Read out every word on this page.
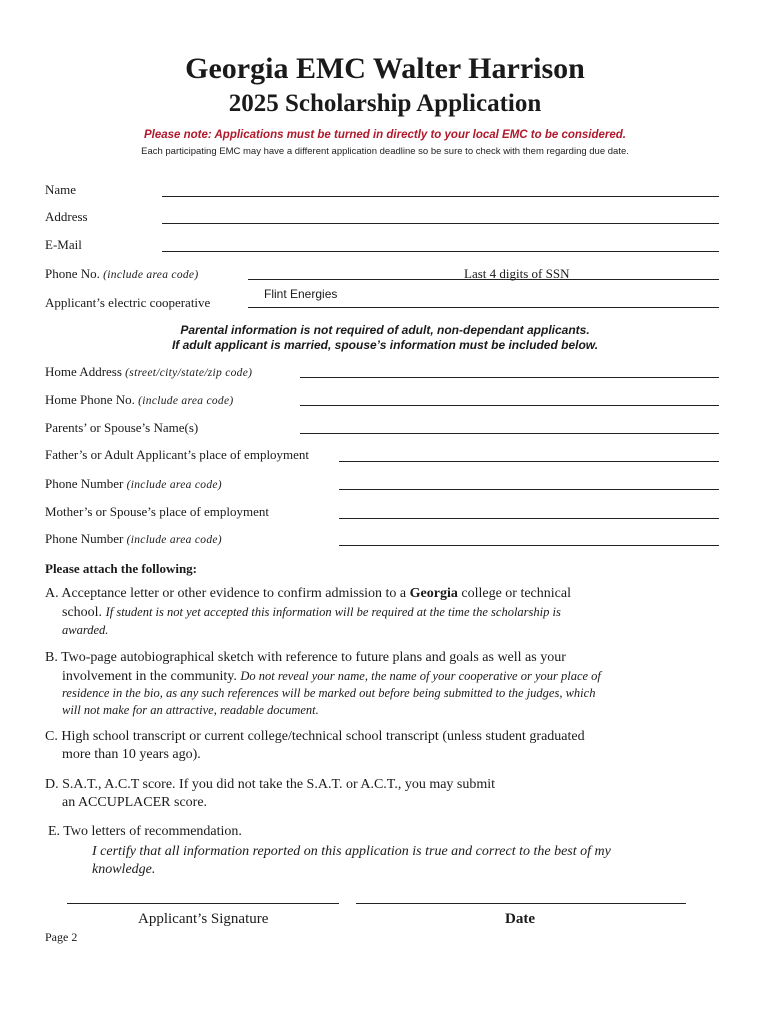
Georgia EMC Walter Harrison
2025 Scholarship Application
Please note: Applications must be turned in directly to your local EMC to be considered.
Each participating EMC may have a different application deadline so be sure to check with them regarding due date.
Name
Address
E-Mail
Phone No. (include area code)	Last 4 digits of SSN
Applicant’s electric cooperative
Flint Energies
Parental information is not required of adult, non-dependant applicants.
If adult applicant is married, spouse’s information must be included below.
Home Address (street/city/state/zip code)
Home Phone No. (include area code)
Parents’ or Spouse’s Name(s)
Father’s or Adult Applicant’s place of employment
Phone Number (include area code)
Mother’s or Spouse’s place of employment
Phone Number (include area code)
Please attach the following:
A. Acceptance letter or other evidence to confirm admission to a Georgia college or technical
school. If student is not yet accepted this information will be required at the time the scholarship is
awarded.
B. Two-page autobiographical sketch with reference to future plans and goals as well as your
involvement in the community. Do not reveal your name, the name of your cooperative or your place of
residence in the bio, as any such references will be marked out before being submitted to the judges, which
will not make for an attractive, readable document.
C. High school transcript or current college/technical school transcript (unless student graduated
more than 10 years ago).
D. S.A.T., A.C.T score. If you did not take the S.A.T. or A.C.T., you may submit
an ACCUPLACER score.
E. Two letters of recommendation.
I certify that all information reported on this application is true and correct to the best of my
knowledge.
Applicant’s Signature	Date
Page 2
